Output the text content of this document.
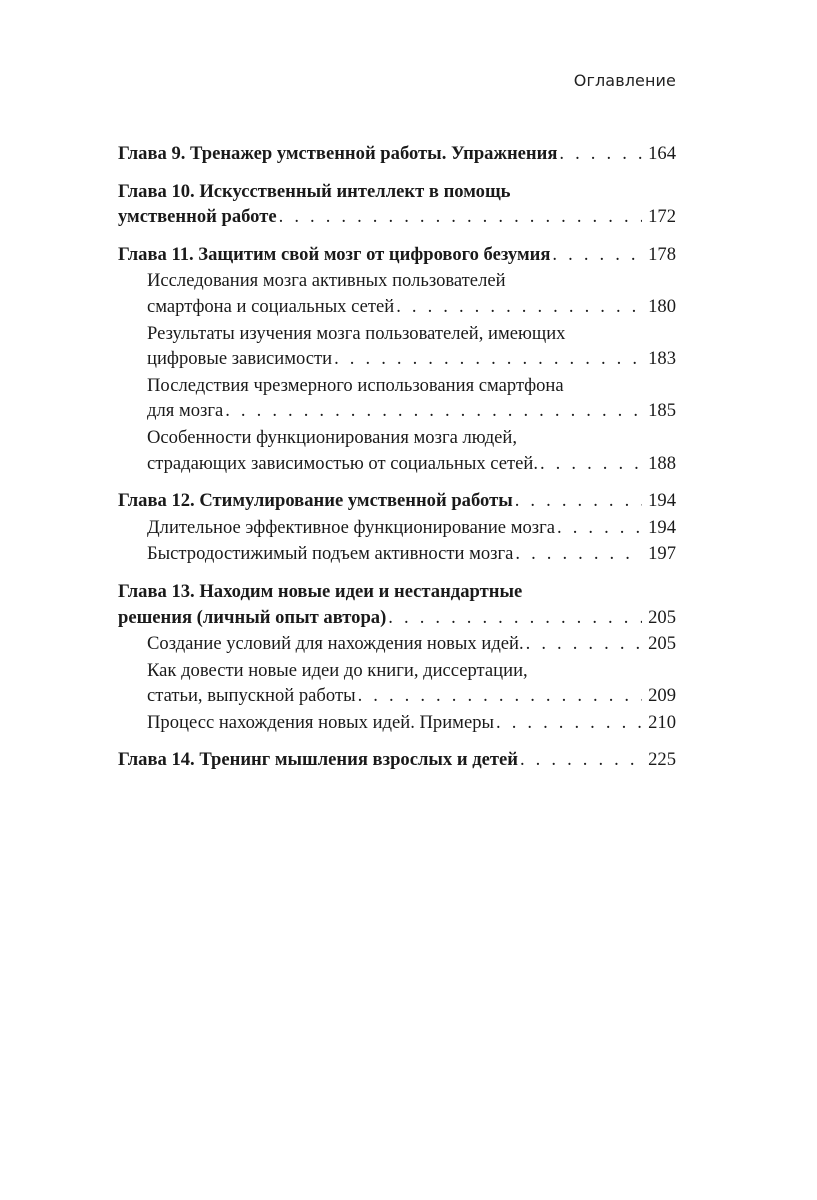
Оглавление
Глава 9. Тренажер умственной работы. Упражнения . . .	164
Глава 10. Искусственный интеллект в помощь
умственной работе . . .	172
Глава 11. Защитим свой мозг от цифрового безумия . . .	178
Исследования мозга активных пользователей
смартфона и социальных сетей . . .	180
Результаты изучения мозга пользователей, имеющих
цифровые зависимости . . .	183
Последствия чрезмерного использования смартфона
для мозга . . .	185
Особенности функционирования мозга людей,
страдающих зависимостью от социальных сетей. . . .	188
Глава 12. Стимулирование умственной работы . . .	194
Длительное эффективное функционирование мозга . . .	194
Быстродостижимый подъем активности мозга . . .	197
Глава 13. Находим новые идеи и нестандартные
решения (личный опыт автора) . . .	205
Создание условий для нахождения новых идей. . . .	205
Как довести новые идеи до книги, диссертации,
статьи, выпускной работы . . .	209
Процесс нахождения новых идей. Примеры . . .	210
Глава 14. Тренинг мышления взрослых и детей . . .	225
